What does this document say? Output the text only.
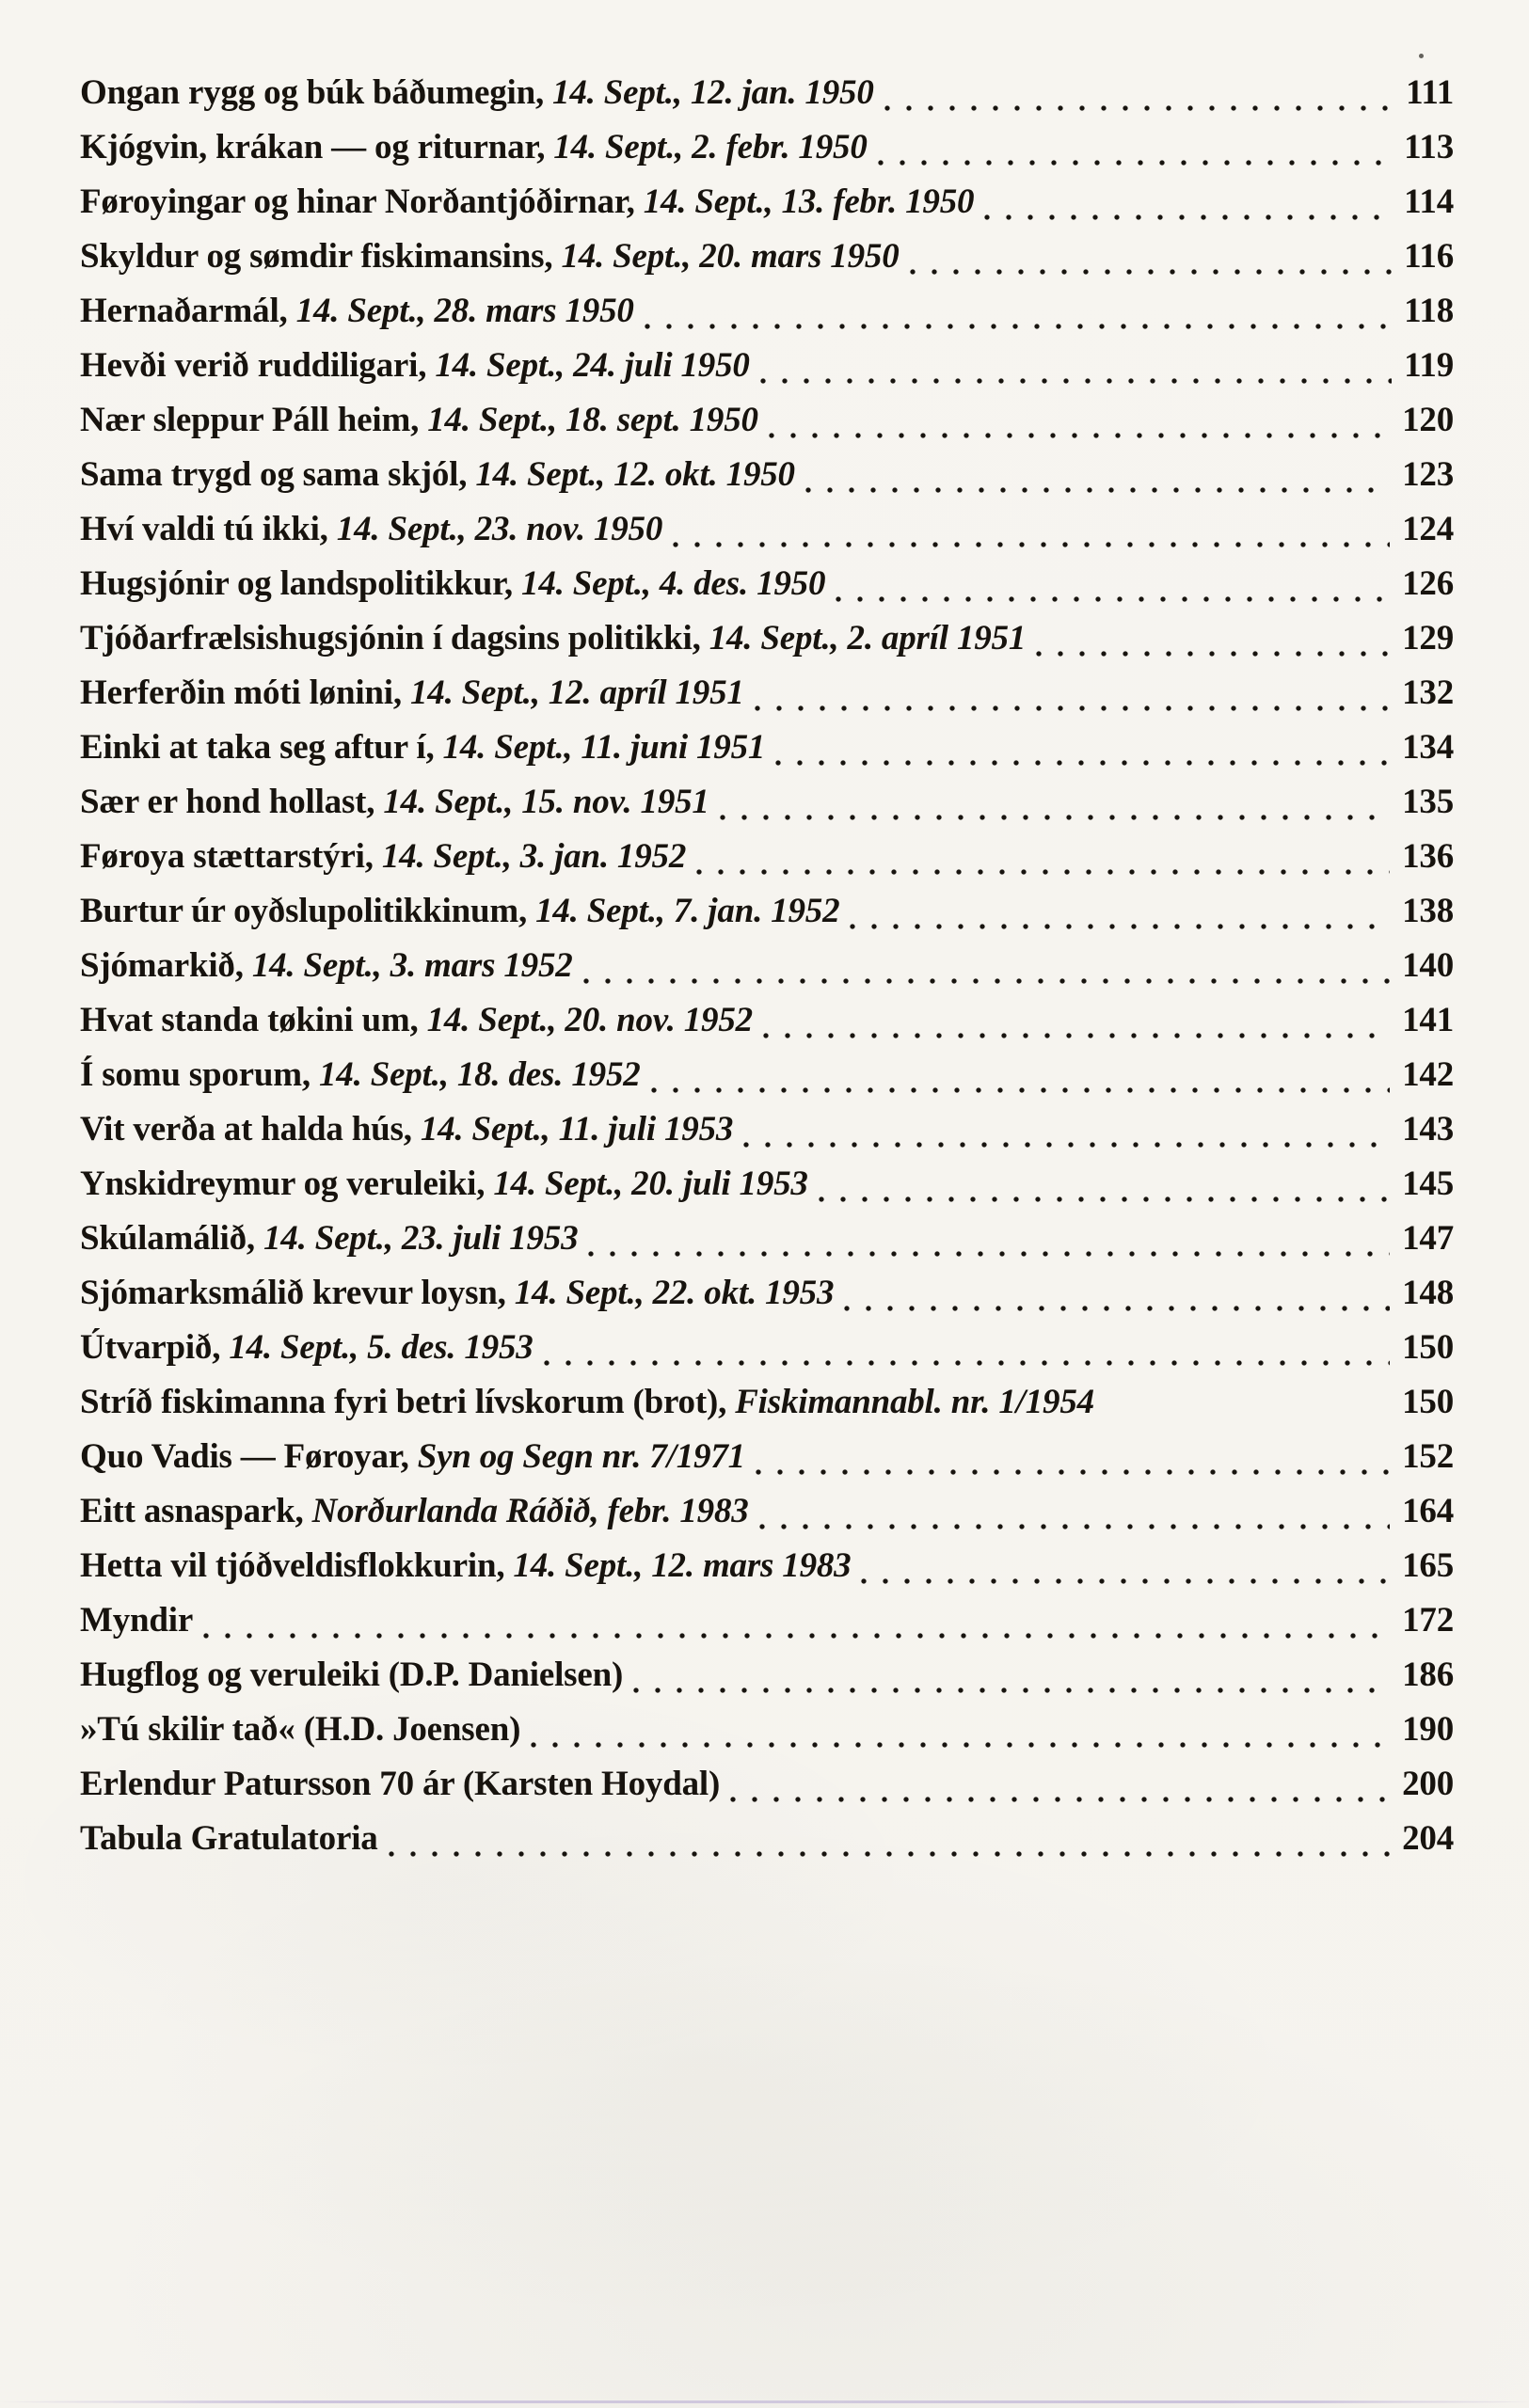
Ongan rygg og búk báðumegin, 14. Sept., 12. jan. 1950	111
Kjógvin, krákan — og riturnar, 14. Sept., 2. febr. 1950	113
Føroyingar og hinar Norðantjóðirnar, 14. Sept., 13. febr. 1950	114
Skyldur og sømdir fiskimansins, 14. Sept., 20. mars 1950	116
Hernaðarmál, 14. Sept., 28. mars 1950	118
Hevði verið ruddiligari, 14. Sept., 24. juli 1950	119
Nær sleppur Páll heim, 14. Sept., 18. sept. 1950	120
Sama trygd og sama skjól, 14. Sept., 12. okt. 1950	123
Hví valdi tú ikki, 14. Sept., 23. nov. 1950	124
Hugsjónir og landspolitikkur, 14. Sept., 4. des. 1950	126
Tjóðarfrælsishugsjónin í dagsins politikki, 14. Sept., 2. apríl 1951	129
Herferðin móti lønini, 14. Sept., 12. apríl 1951	132
Einki at taka seg aftur í, 14. Sept., 11. juni 1951	134
Sær er hond hollast, 14. Sept., 15. nov. 1951	135
Føroya stættarstýri, 14. Sept., 3. jan. 1952	136
Burtur úr oyðslupolitikkinum, 14. Sept., 7. jan. 1952	138
Sjómarkið, 14. Sept., 3. mars 1952	140
Hvat standa tøkini um, 14. Sept., 20. nov. 1952	141
Í somu sporum, 14. Sept., 18. des. 1952	142
Vit verða at halda hús, 14. Sept., 11. juli 1953	143
Ynskidreymur og veruleiki, 14. Sept., 20. juli 1953	145
Skúlamálið, 14. Sept., 23. juli 1953	147
Sjómarksmálið krevur loysn, 14. Sept., 22. okt. 1953	148
Útvarpið, 14. Sept., 5. des. 1953	150
Stríð fiskimanna fyri betri lívskorum (brot), Fiskimannabl. nr. 1/1954	150
Quo Vadis — Føroyar, Syn og Segn nr. 7/1971	152
Eitt asnaspark, Norðurlanda Ráðið, febr. 1983	164
Hetta vil tjóðveldisflokkurin, 14. Sept., 12. mars 1983	165
Myndir	172
Hugflog og veruleiki (D.P. Danielsen)	186
»Tú skilir tað« (H.D. Joensen)	190
Erlendur Patursson 70 ár (Karsten Hoydal)	200
Tabula Gratulatoria	204
